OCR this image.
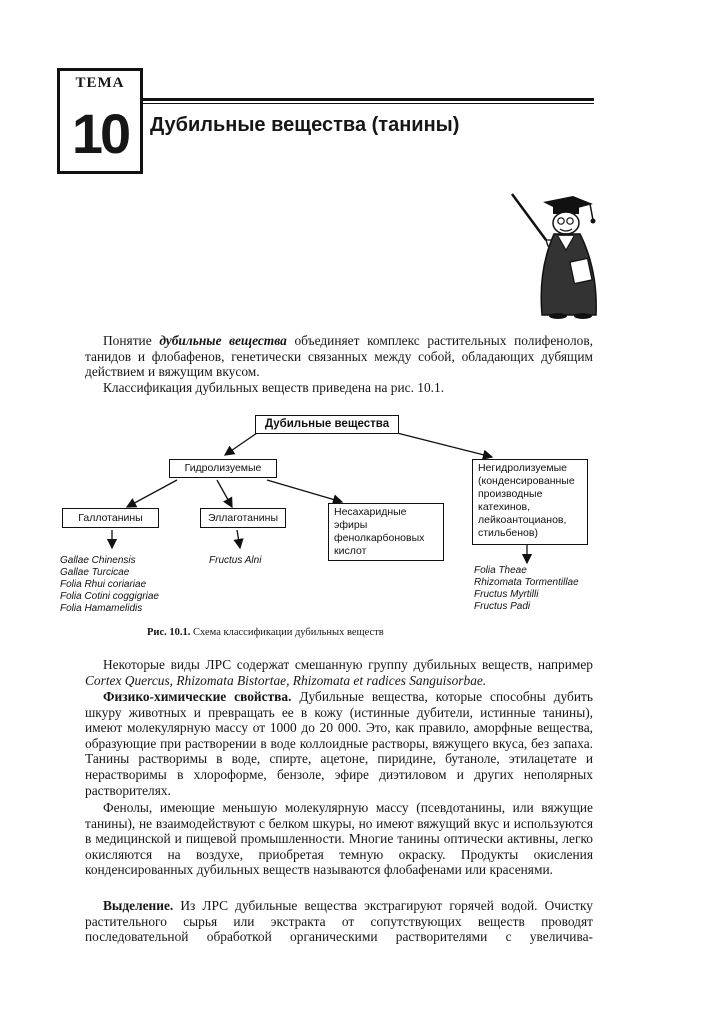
ТЕМА
10	Дубильные вещества (танины)
Понятие дубильные вещества объединяет комплекс растительных полифенолов, танидов и флобафенов, генетически связанных между собой, обладающих дубящим действием и вяжущим вкусом.
Классификация дубильных веществ приведена на рис. 10.1.
Дубильные вещества
Гидролизуемые
Галлотанины	Эллаготанины	Несахаридные
эфиры
фенолкарбоновых
кислот
Негидролизуемые
(конденсированные
производные
катехинов,
лейкоантоцианов,
стильбенов)
Gallae Chinensis
Gallae Turcicae
Folia Rhui coriariae
Folia Cotini coggigriae
Folia Hamamelidis
Fructus Alni
Folia Theae
Rhizomata Tormentillae
Fructus Myrtilli
Fructus Padi
Рис. 10.1. Схема классификации дубильных веществ
Некоторые виды ЛРС содержат смешанную группу дубильных веществ, например Cortex Quercus, Rhizomata Bistortae, Rhizomata et radices Sanguisorbae.
Физико-химические свойства. Дубильные вещества, которые способны дубить шкуру животных и превращать ее в кожу (истинные дубители, истинные танины), имеют молекулярную массу от 1000 до 20 000. Это, как правило, аморфные вещества, образующие при растворении в воде коллоидные растворы, вяжущего вкуса, без запаха. Танины растворимы в воде, спирте, ацетоне, пиридине, бутаноле, этилацетате и нерастворимы в хлороформе, бензоле, эфире диэтиловом и других неполярных растворителях.
Фенолы, имеющие меньшую молекулярную массу (псевдотанины, или вяжущие танины), не взаимодействуют с белком шкуры, но имеют вяжущий вкус и используются в медицинской и пищевой промышленности. Многие танины оптически активны, легко окисляются на воздухе, приобретая темную окраску. Продукты окисления конденсированных дубильных веществ называются флобафенами или красенями.
Выделение. Из ЛРС дубильные вещества экстрагируют горячей водой. Очистку растительного сырья или экстракта от сопутствующих веществ проводят последовательной обработкой органическими растворителями с увеличива-
